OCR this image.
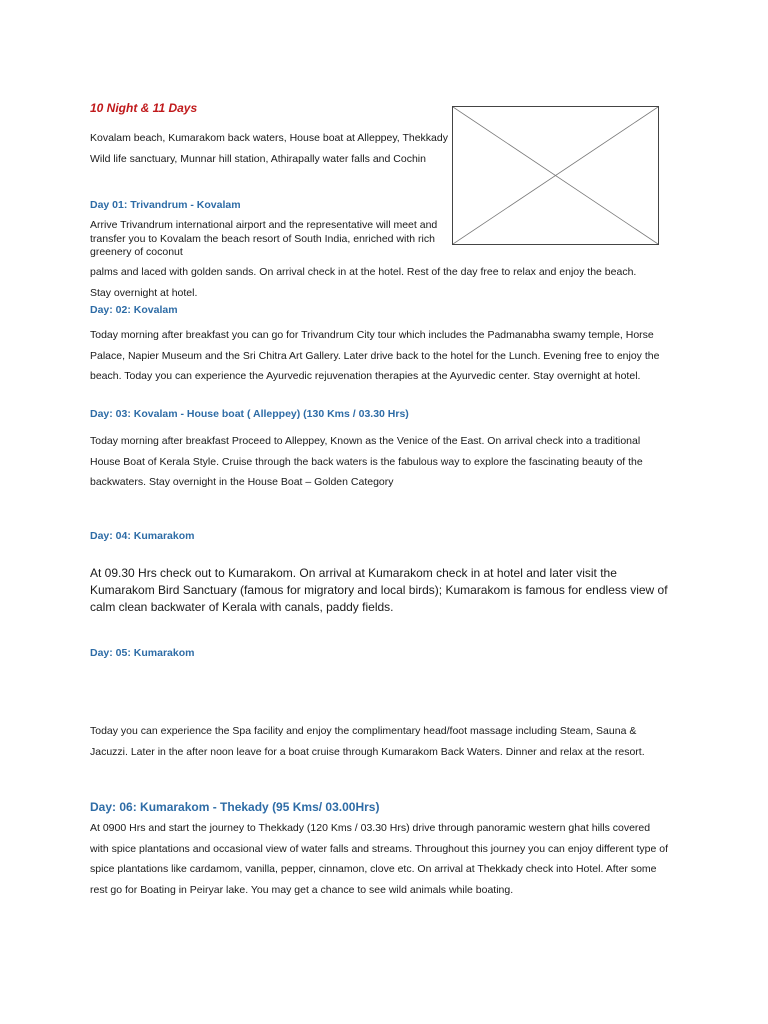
10 Night & 11 Days
Kovalam beach, Kumarakom back waters, House boat at Alleppey, Thekkady Wild life sanctuary, Munnar hill station, Athirapally water falls and Cochin
Day 01: Trivandrum - Kovalam
Arrive Trivandrum international airport and the representative will meet and transfer you to Kovalam the beach resort of South India, enriched with rich greenery of coconut
palms and laced with golden sands. On arrival check in at the hotel. Rest of the day free to relax and enjoy the beach. Stay overnight at hotel.
Day: 02: Kovalam
Today morning after breakfast you can go for Trivandrum City tour which includes the Padmanabha swamy temple, Horse Palace, Napier Museum and the Sri Chitra Art Gallery. Later drive back to the hotel for the Lunch. Evening free to enjoy the beach. Today you can experience the Ayurvedic rejuvenation therapies at the Ayurvedic center. Stay overnight at hotel.
Day: 03: Kovalam - House boat ( Alleppey) (130 Kms / 03.30 Hrs)
Today morning after breakfast Proceed to Alleppey, Known as the Venice of the East. On arrival check into a traditional House Boat of Kerala Style. Cruise through the back waters is the fabulous way to explore the fascinating beauty of the backwaters. Stay overnight in the House Boat – Golden Category
Day: 04: Kumarakom
At 09.30 Hrs check out to Kumarakom. On arrival at Kumarakom check in at hotel and later visit the Kumarakom Bird Sanctuary (famous for migratory and local birds); Kumarakom is famous for endless view of calm clean backwater of Kerala with canals, paddy fields.
Day: 05: Kumarakom
Today you can experience the Spa facility and enjoy the complimentary head/foot massage including Steam, Sauna & Jacuzzi. Later in the after noon leave for a boat cruise through Kumarakom Back Waters. Dinner and relax at the resort.
Day: 06: Kumarakom - Thekady (95 Kms/ 03.00Hrs)
At 0900 Hrs and start the journey to Thekkady (120 Kms / 03.30 Hrs) drive through panoramic western ghat hills covered with spice plantations and occasional view of water falls and streams. Throughout this journey you can enjoy different type of spice plantations like cardamom, vanilla, pepper, cinnamon, clove etc. On arrival at Thekkady check into Hotel. After some rest go for Boating in Peiryar lake. You may get a chance to see wild animals while boating.
